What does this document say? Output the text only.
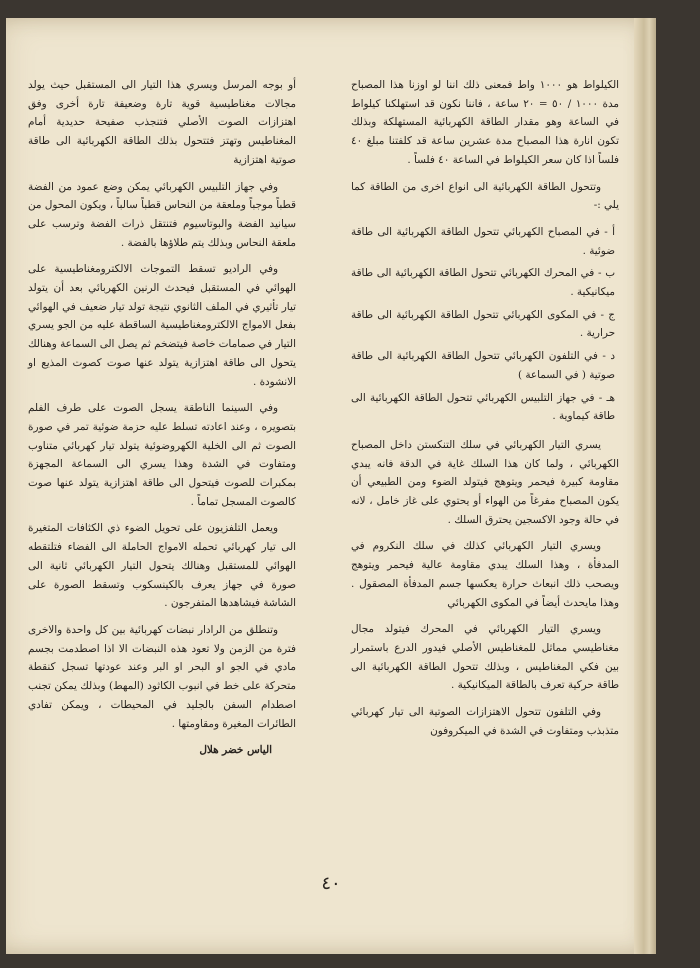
الكيلواط هو ١٠٠٠ واط فمعنى ذلك اننا لو اوزنا هذا المصباح مدة ١٠٠٠ / ٥٠ = ٢٠ ساعة ، فاننا نكون قد استهلكنا كيلواط في الساعة وهو مقدار الطاقة الكهربائية المستهلكة وبذلك تكون انارة هذا المصباح مدة عشرين ساعة قد كلفتنا مبلغ ٤٠ فلساً اذا كان سعر الكيلواط في الساعة ٤٠ فلساً .

وتتحول الطاقة الكهربائية الى انواع اخرى من الطاقة كما يلي :-

أ - في المصباح الكهربائي تتحول الطاقة الكهربائية الى طاقة ضوئية .
ب - في المحرك الكهربائي تتحول الطاقة الكهربائية الى طاقة ميكانيكية .
ج - في المكوى الكهربائي تتحول الطاقة الكهربائية الى طاقة حرارية .
د - في التلفون الكهربائي تتحول الطاقة الكهربائية الى طاقة صوتية ( في السماعة )
هـ - في جهاز التلبيس الكهربائي تتحول الطاقة الكهربائية الى طاقة كيماوية .

يسري التيار الكهربائي في سلك التنكستن داخل المصباح الكهربائي ، ولما كان هذا السلك غاية في الدقة فانه يبدي مقاومة كبيرة فيحمر ويتوهج فيتولد الضوء ومن الطبيعي أن يكون المصباح مفرغاً من الهواء أو يحتوي على غاز خامل ، لانه في حالة وجود الاكسجين يحترق السلك .

ويسري التيار الكهربائي كذلك في سلك النكروم في المدفأة ، وهذا السلك يبدي مقاومة عالية فيحمر ويتوهج ويصحب ذلك انبعاث حرارة يعكسها جسم المدفأة المصقول . وهذا مايحدث أيضاً في المكوى الكهربائي

ويسري التيار الكهربائي في المحرك فيتولد مجال مغناطيسي مماثل للمغناطيس الأصلي فيدور الدرع باستمرار بين فكي المغناطيس ، وبذلك تتحول الطاقة الكهربائية الى طاقة حركية تعرف بالطاقة الميكانيكية .

وفي التلفون تتحول الاهتزازات الصوتية الى تيار كهربائي متذبذب ومتفاوت في الشدة في الميكروفون

أو بوجه المرسل ويسري هذا التيار الى المستقبل حيث يولد مجالات مغناطيسية قوية تارة وضعيفة تارة أخرى وفق اهتزازات الصوت الأصلي فتنجذب صفيحة حديدية أمام المغناطيس وتهتز فتتحول بذلك الطاقة الكهربائية الى طاقة صوتية اهتزازية

وفي جهاز التلبيس الكهربائي يمكن وضع عمود من الفضة قطباً موجباً وملعقة من النحاس قطباً سالباً ، ويكون المحول من سيانيد الفضة والبوتاسيوم فتنتقل ذرات الفضة وترسب على ملعقة النحاس وبذلك يتم طلاؤها بالفضة .

وفي الراديو تسقط التموجات الالكترومغناطيسية على الهوائي في المستقبل فيحدث الرنين الكهربائي بعد أن يتولد تيار تأثيري في الملف الثانوي نتيجة تولد تيار ضعيف في الهوائي بفعل الامواج الالكترومغناطيسية الساقطة عليه من الجو يسري التيار في صمامات خاصة فيتضخم ثم يصل الى السماعة وهنالك يتحول الى طاقة اهتزازية يتولد عنها صوت كصوت المذيع او الانشودة .

وفي السينما الناطقة يسجل الصوت على طرف الفلم بتصويره ، وعند اعادته تسلط عليه حزمة ضوئية تمر في صورة الصوت ثم الى الخلية الكهروضوئية يتولد تيار كهربائي متناوب ومتفاوت في الشدة وهذا يسري الى السماعة المجهزة بمكبرات للصوت فيتحول الى طاقة اهتزازية يتولد عنها صوت كالصوت المسجل تماماً .

ويعمل التلفزيون على تحويل الضوء ذي الكثافات المتغيرة الى تيار كهربائي تحمله الامواج الحاملة الى الفضاء فتلتقطه الهوائي للمستقبل وهنالك يتحول التيار الكهربائي ثانية الى صورة في جهاز يعرف بالكينسكوب وتسقط الصورة على الشاشة فيشاهدها المتفرجون .

وتنطلق من الرادار نبضات كهربائية بين كل واحدة والاخرى فترة من الزمن ولا تعود هذه النبضات الا اذا اصطدمت بجسم مادي في الجو او البحر او البر وعند عودتها تسجل كنقطة متحركة على خط في انبوب الكاثود (المهط) وبذلك يمكن تجنب اصطدام السفن بالجليد في المحيطات ، ويمكن تفادي الطائرات المغيرة ومقاومتها .

الياس خضر هلال
٤٠
